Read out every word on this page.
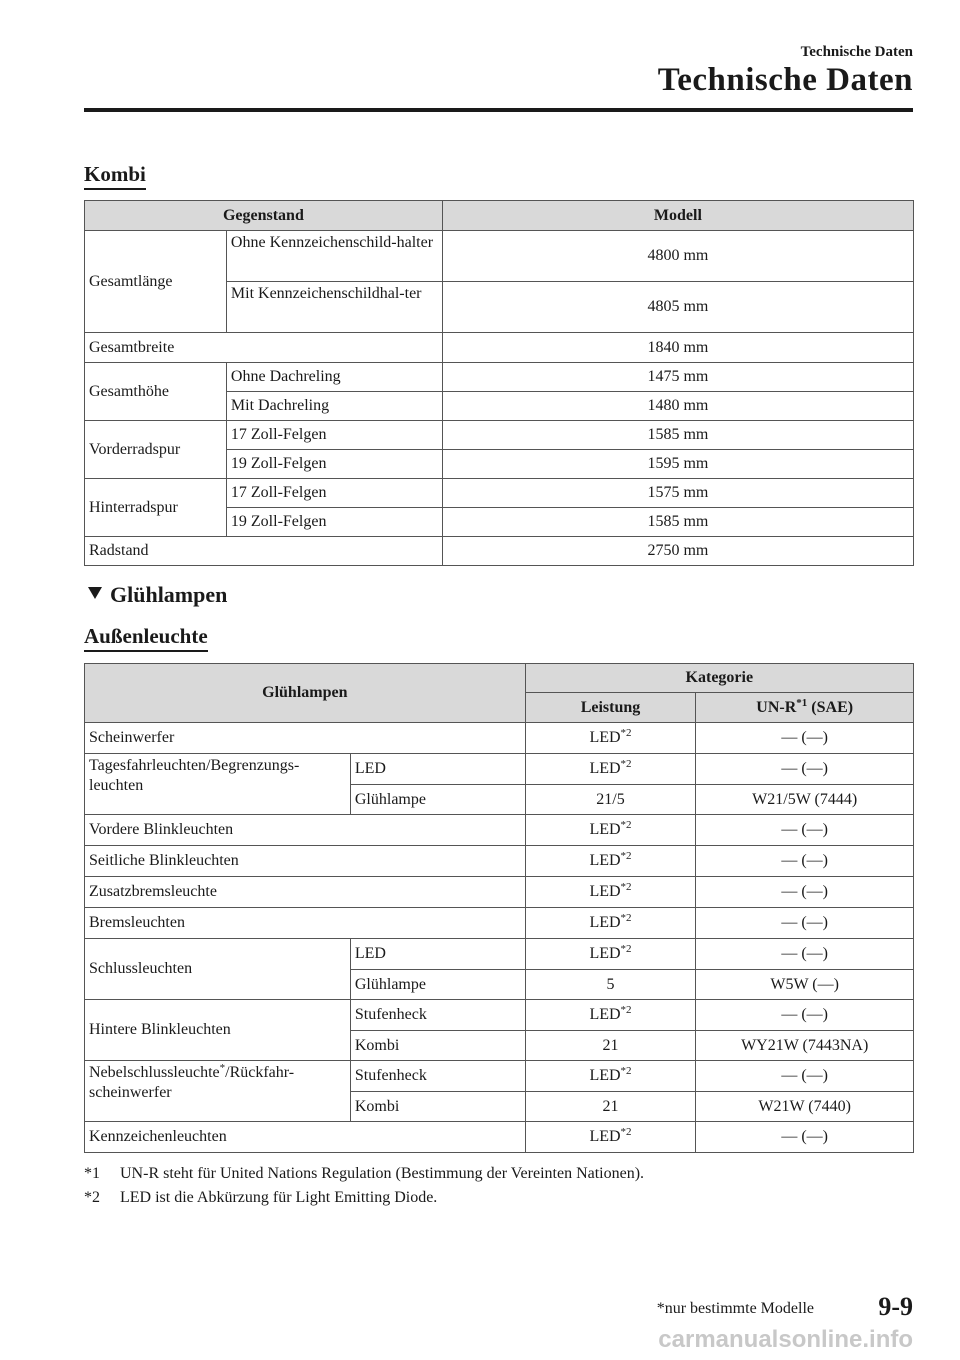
Technische Daten
Technische Daten
Kombi
Gegenstand		Modell
Gesamtlänge	Ohne Kennzeichenschild-halter	4800 mm
	Mit Kennzeichenschildhal-ter	4805 mm
Gesamtbreite		1840 mm
Gesamthöhe	Ohne Dachreling	1475 mm
	Mit Dachreling	1480 mm
Vorderradspur	17 Zoll-Felgen	1585 mm
	19 Zoll-Felgen	1595 mm
Hinterradspur	17 Zoll-Felgen	1575 mm
	19 Zoll-Felgen	1585 mm
Radstand		2750 mm
Glühlampen
Außenleuchte
Glühlampen		Kategorie	
		Leistung	$UN-R^{*1}$ (SAE)
Scheinwerfer		LED$^{*2}$	— (—)
Tagesfahrleuchten/Begrenzungs-leuchten	LED	LED$^{*2}$	— (—)
	Glühlampe	21/5	W21/5W (7444)
Vordere Blinkleuchten		LED$^{*2}$	— (—)
Seitliche Blinkleuchten		LED$^{*2}$	— (—)
Zusatzbremsleuchte		LED$^{*2}$	— (—)
Bremsleuchten		LED$^{*2}$	— (—)
Schlussleuchten	LED	LED$^{*2}$	— (—)
	Glühlampe	5	W5W (―)
Hintere Blinkleuchten	Stufenheck	LED$^{*2}$	— (—)
	Kombi	21	WY21W (7443NA)
Nebelschlussleuchte*/Rückfahr-scheinwerfer	Stufenheck	LED$^{*2}$	— (—)
	Kombi	21	W21W (7440)
Kennzeichenleuchten		LED$^{*2}$	— (—)
*1 UN-R steht für United Nations Regulation (Bestimmung der Vereinten Nationen).
*2 LED ist die Abkürzung für Light Emitting Diode.
*nur bestimmte Modelle 9-9
carmanualsonline.info
